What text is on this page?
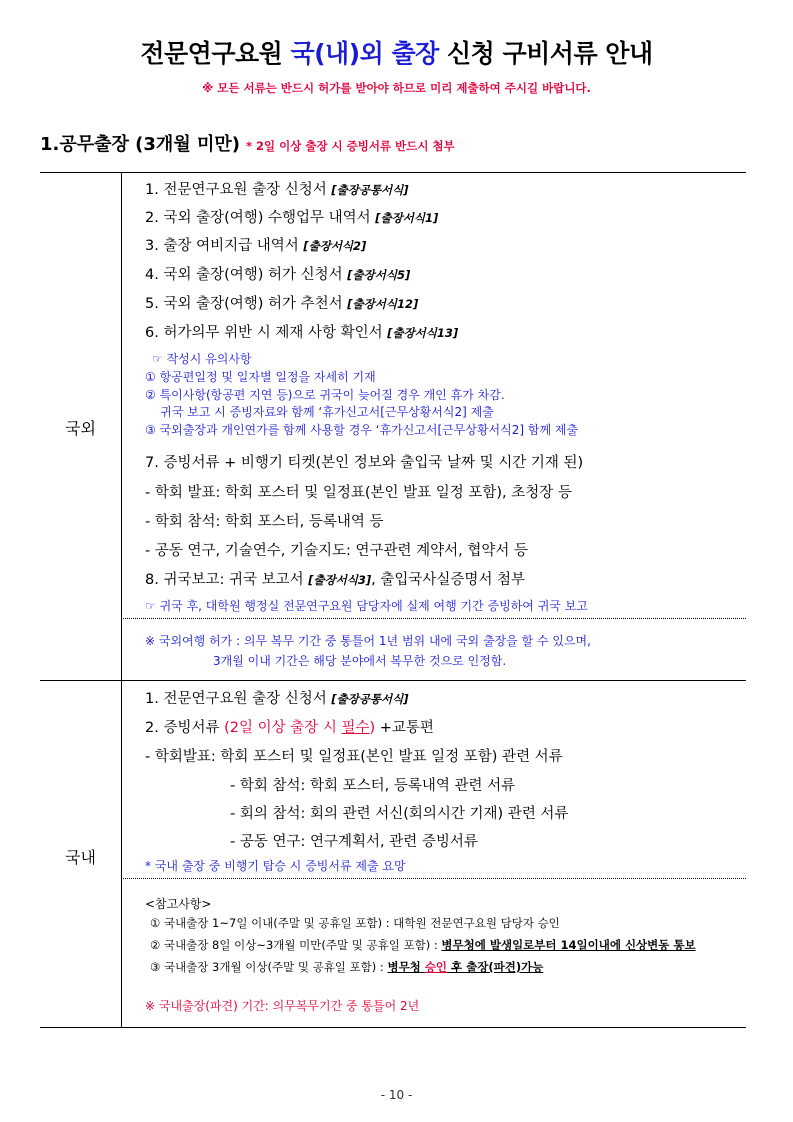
전문연구요원 국(내)외 출장 신청 구비서류 안내
※ 모든 서류는 반드시 허가를 받아야 하므로 미리 제출하여 주시길 바랍니다.
1.공무출장 (3개월 미만) * 2일 이상 출장 시 증빙서류 반드시 첨부
국외
1. 전문연구요원 출장 신청서 [출장공통서식]
2. 국외 출장(여행) 수행업무 내역서 [출장서식1]
3. 출장 여비지급 내역서 [출장서식2]
4. 국외 출장(여행) 허가 신청서 [출장서식5]
5. 국외 출장(여행) 허가 추천서 [출장서식12]
6. 허가의무 위반 시 제재 사항 확인서 [출장서식13]
☞ 작성시 유의사항
① 항공편일정 및 일자별 일정을 자세히 기재
② 특이사항(항공편 지연 등)으로 귀국이 늦어질 경우 개인 휴가 차감.
귀국 보고 시 증빙자료와 함께 ‘휴가신고서[근무상황서식2] 제출
③ 국외출장과 개인연가를 함께 사용할 경우 ‘휴가신고서[근무상황서식2] 함께 제출
7. 증빙서류 + 비행기 티켓(본인 정보와 출입국 날짜 및 시간 기재 된)
- 학회 발표: 학회 포스터 및 일정표(본인 발표 일정 포함), 초청장 등
- 학회 참석: 학회 포스터, 등록내역 등
- 공동 연구, 기술연수, 기술지도: 연구관련 계약서, 협약서 등
8. 귀국보고: 귀국 보고서 [출장서식3], 출입국사실증명서 첨부
☞ 귀국 후, 대학원 행정실 전문연구요원 담당자에 실제 여행 기간 증빙하여 귀국 보고
※ 국외여행 허가 : 의무 복무 기간 중 통틀어 1년 범위 내에 국외 출장을 할 수 있으며,
3개월 이내 기간은 해당 분야에서 복무한 것으로 인정함.
국내
1. 전문연구요원 출장 신청서 [출장공통서식]
2. 증빙서류 (2일 이상 출장 시 필수) +교통편
- 학회발표: 학회 포스터 및 일정표(본인 발표 일정 포함) 관련 서류
- 학회 참석: 학회 포스터, 등록내역 관련 서류
- 회의 참석: 회의 관련 서신(회의시간 기재) 관련 서류
- 공동 연구: 연구계획서, 관련 증빙서류
* 국내 출장 중 비행기 탑승 시 증빙서류 제출 요망
<참고사항>
① 국내출장 1~7일 이내(주말 및 공휴일 포함) : 대학원 전문연구요원 담당자 승인
② 국내출장 8일 이상~3개월 미만(주말 및 공휴일 포함) : 병무청에 발생일로부터 14일이내에 신상변동 통보
③ 국내출장 3개월 이상(주말 및 공휴일 포함) : 병무청 승인 후 출장(파견)가능
※ 국내출장(파견) 기간: 의무복무기간 중 통틀어 2년
- 10 -
